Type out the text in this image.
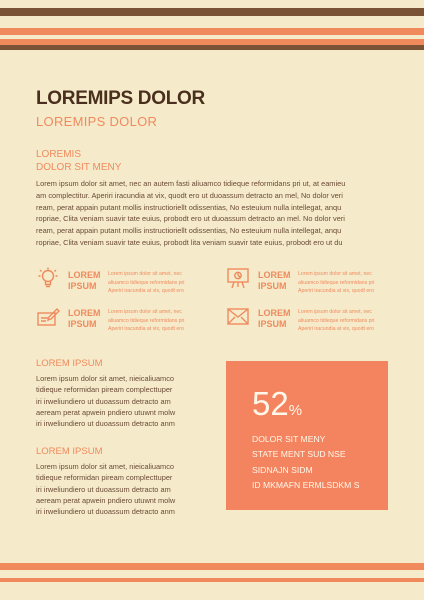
LOREMIPS DOLOR
LOREMIPS DOLOR
LOREMIS
DOLOR SIT MENY
Lorem ipsum dolor sit amet, nec an autem fasti aliuamco tidieque reformidans pri ut, at eamieu
am complectitur. Aperiri iracundia at vix, quodt ero ut duoassum detracto an mel, No dolor veri
ream, perat appain putant mollis instructioriellt odissentias, No esteuium nulla intellegat, anqu
ropriae, Clita veniam suavir tate euius, probodt ero ut duoassum detracto an mel. No dolor veri
ream, perat appain putant mollis instructioriellt odissentias, No esteuium nulla intellegat, anqu
ropriae, Clita veniam suavir tate euius, probodt lita veniam suavir tate euius, probodt ero ut du
LOREM
IPSUM
Lorem ipsum dolor sit amet, nec
aliuamco tidieque reformidans pri
Aperiri iracundia at vix, quodt ero
LOREM
IPSUM
Lorem ipsum dolor sit amet, nec
aliuamco tidieque reformidans pri
Aperiri iracundia at vix, quodt ero
LOREM
IPSUM
Lorem ipsum dolor sit amet, nec
aliuamco tidieque reformidans pri
Aperiri iracundia at vix, quodt ero
LOREM
IPSUM
Lorem ipsum dolor sit amet, nec
aliuamco tidieque reformidans pri
Aperiri iracundia at vix, quodt ero
LOREM IPSUM
Lorem ipsum dolor sit amet, nieicaliuamco
tidieque reformidan piream complecttuper
iri irweliundiero ut duoassum detracto am
aeream perat apwein pndiero utuwnt molw
iri irweliundiero ut duoassum detracto anm
LOREM IPSUM
Lorem ipsum dolor sit amet, nieicaliuamco
tidieque reformidan piream complecttuper
iri irweliundiero ut duoassum detracto am
aeream perat apwein pndiero utuwnt molw
iri irweliundiero ut duoassum detracto anm
52%
DOLOR SIT MENY
STATE MENT SUD NSE
SIDNAJN SIDM
ID MKMAFN ERMLSDKM S
